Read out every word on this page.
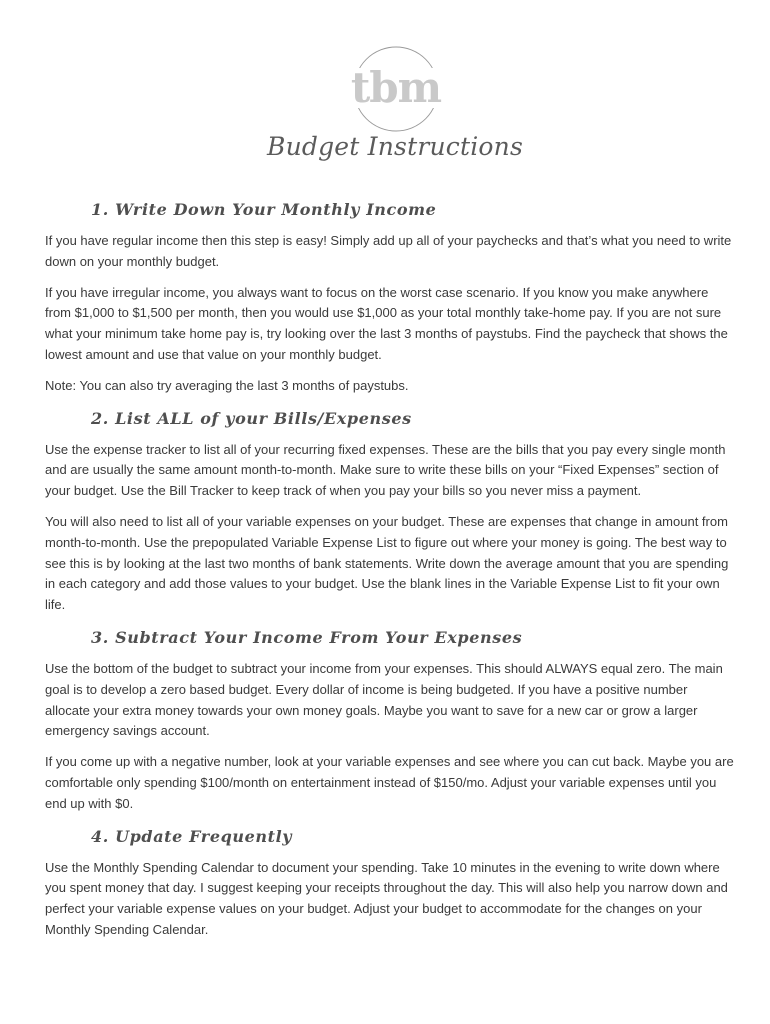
tbm
Budget Instructions
1. Write Down Your Monthly Income

If you have regular income then this step is easy! Simply add up all of your paychecks and that’s what you need to write down on your monthly budget.

If you have irregular income, you always want to focus on the worst case scenario. If you know you make anywhere from $1,000 to $1,500 per month, then you would use $1,000 as your total monthly take-home pay. If you are not sure what your minimum take home pay is, try looking over the last 3 months of paystubs. Find the paycheck that shows the lowest amount and use that value on your monthly budget.

Note: You can also try averaging the last 3 months of paystubs.

2. List ALL of your Bills/Expenses

Use the expense tracker to list all of your recurring fixed expenses. These are the bills that you pay every single month and are usually the same amount month-to-month. Make sure to write these bills on your “Fixed Expenses” section of your budget. Use the Bill Tracker to keep track of when you pay your bills so you never miss a payment.

You will also need to list all of your variable expenses on your budget. These are expenses that change in amount from month-to-month. Use the prepopulated Variable Expense List to figure out where your money is going. The best way to see this is by looking at the last two months of bank statements. Write down the average amount that you are spending in each category and add those values to your budget. Use the blank lines in the Variable Expense List to fit your own life.

3. Subtract Your Income From Your Expenses

Use the bottom of the budget to subtract your income from your expenses. This should ALWAYS equal zero. The main goal is to develop a zero based budget. Every dollar of income is being budgeted. If you have a positive number allocate your extra money towards your own money goals. Maybe you want to save for a new car or grow a larger emergency savings account.

If you come up with a negative number, look at your variable expenses and see where you can cut back. Maybe you are comfortable only spending $100/month on entertainment instead of $150/mo. Adjust your variable expenses until you end up with $0.

4. Update Frequently

Use the Monthly Spending Calendar to document your spending. Take 10 minutes in the evening to write down where you spent money that day. I suggest keeping your receipts throughout the day. This will also help you narrow down and perfect your variable expense values on your budget. Adjust your budget to accommodate for the changes on your Monthly Spending Calendar.
